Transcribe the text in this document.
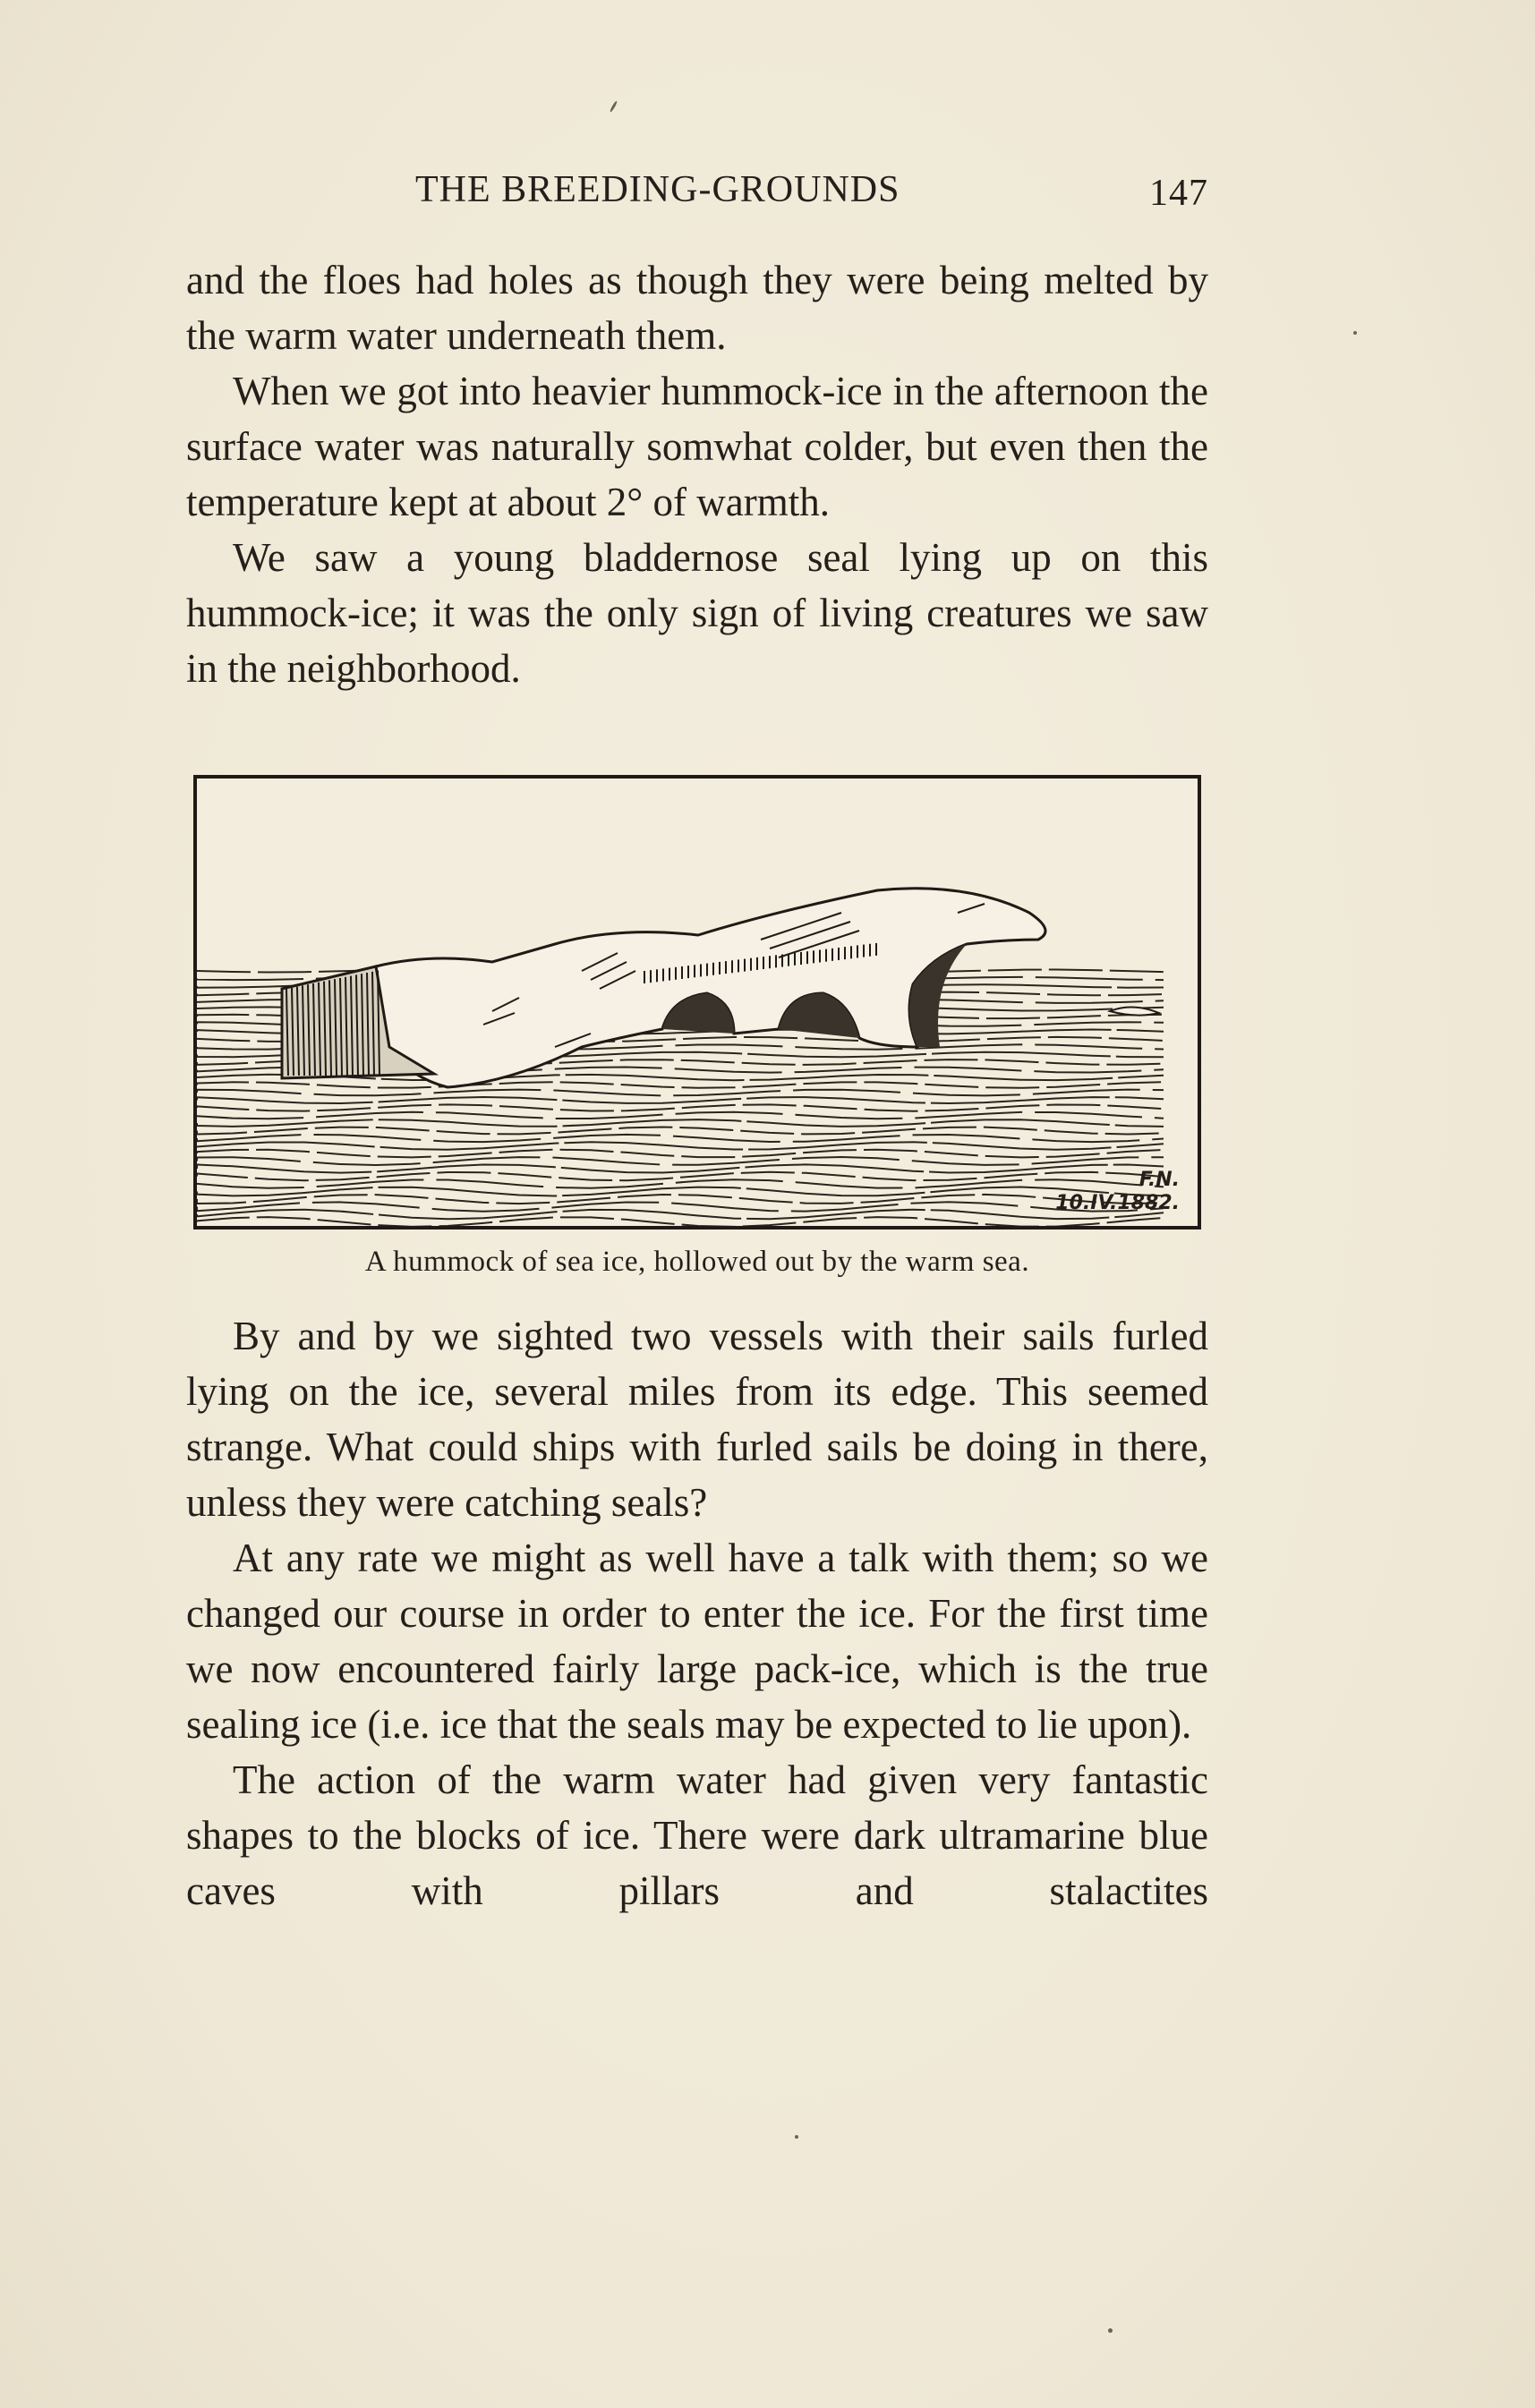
THE BREEDING-GROUNDS	147

and the floes had holes as though they were being melted by the warm water underneath them.

When we got into heavier hummock-ice in the afternoon the surface water was naturally somwhat colder, but even then the temperature kept at about 2° of warmth.

We saw a young bladdernose seal lying up on this hummock-ice; it was the only sign of living creatures we saw in the neighborhood.

F.N.
10.IV.1882.
A hummock of sea ice, hollowed out by the warm sea.

By and by we sighted two vessels with their sails furled lying on the ice, several miles from its edge. This seemed strange. What could ships with furled sails be doing in there, unless they were catching seals?

At any rate we might as well have a talk with them; so we changed our course in order to enter the ice. For the first time we now encountered fairly large pack-ice, which is the true sealing ice (i.e. ice that the seals may be expected to lie upon).

The action of the warm water had given very fantastic shapes to the blocks of ice. There were dark ultramarine blue caves with pillars and stalactites
